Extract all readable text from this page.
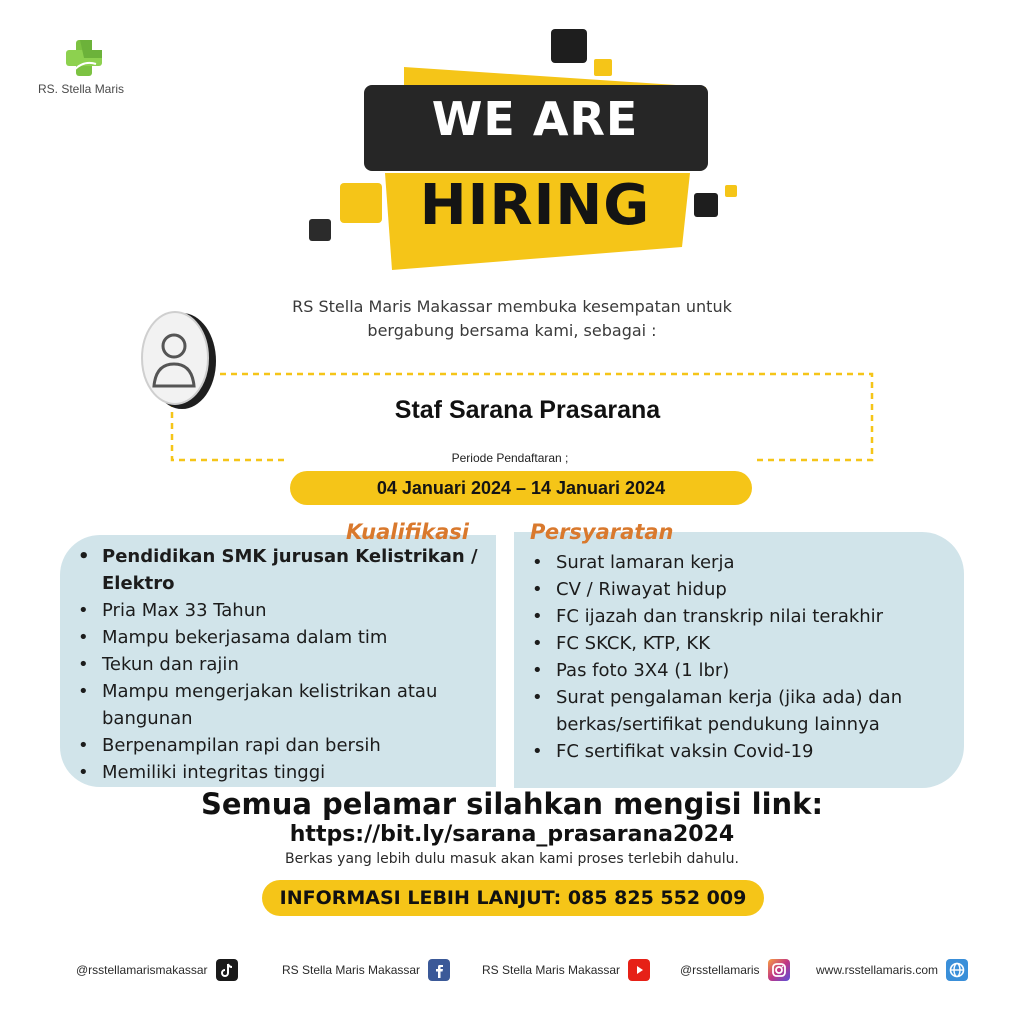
RS. Stella Maris
WE ARE
HIRING
RS Stella Maris Makassar membuka kesempatan untuk
bergabung bersama kami, sebagai :
Staf Sarana Prasarana
Periode Pendaftaran ;
04 Januari 2024 – 14 Januari 2024
Kualifikasi	Persyaratan
• Pendidikan SMK jurusan Kelistrikan / Elektro
• Pria Max 33 Tahun
• Mampu bekerjasama dalam tim
• Tekun dan rajin
• Mampu mengerjakan kelistrikan atau bangunan
• Berpenampilan rapi dan bersih
• Memiliki integritas tinggi
• Surat lamaran kerja
• CV / Riwayat hidup
• FC ijazah dan transkrip nilai terakhir
• FC SKCK, KTP, KK
• Pas foto 3X4 (1 lbr)
• Surat pengalaman kerja (jika ada) dan berkas/sertifikat pendukung lainnya
• FC sertifikat vaksin Covid-19
Semua pelamar silahkan mengisi link:
https://bit.ly/sarana_prasarana2024
Berkas yang lebih dulu masuk akan kami proses terlebih dahulu.
INFORMASI LEBIH LANJUT: 085 825 552 009
@rsstellamarismakassar	RS Stella Maris Makassar	RS Stella Maris Makassar	@rsstellamaris	www.rsstellamaris.com
